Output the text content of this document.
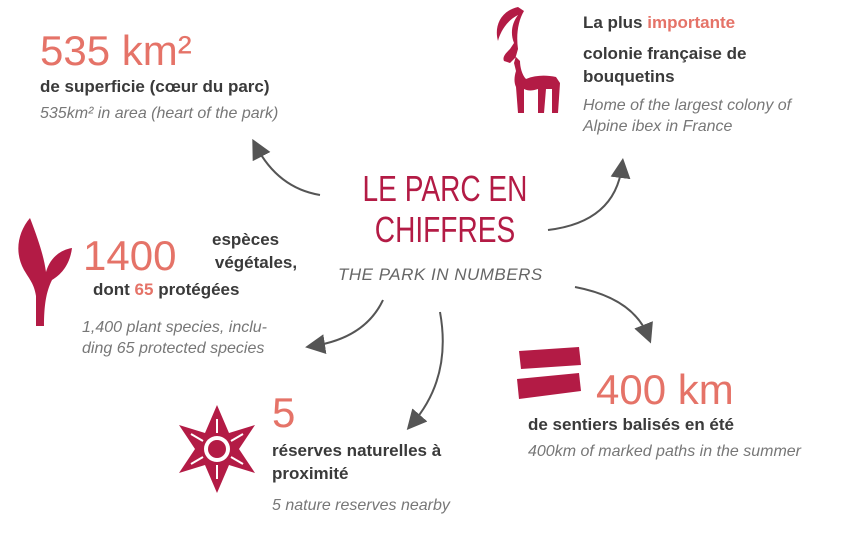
LE PARC EN
CHIFFRES
THE PARK IN NUMBERS
535 km²
de superficie (cœur du parc)
535km² in area (heart of the park)
La plus importante
colonie française de
bouquetins
Home of the largest colony of
Alpine ibex in France
1400 espèces
végétales,
dont 65 protégées
1,400 plant species, inclu-
ding 65 protected species
400 km
de sentiers balisés en été
400km of marked paths in the summer
5
réserves naturelles à
proximité
5 nature reserves nearby
